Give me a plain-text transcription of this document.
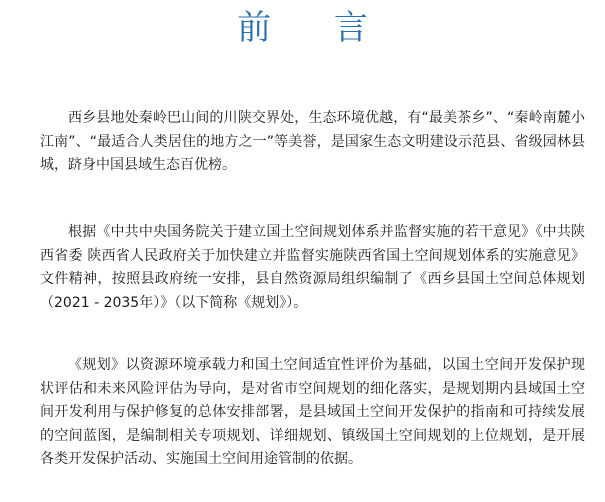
前 言

西乡县地处秦岭巴山间的川陕交界处，生态环境优越，有“最美茶乡”、“秦岭南麓小江南”、“最适合人类居住的地方之一”等美誉，是国家生态文明建设示范县、省级园林县城，跻身中国县域生态百优榜。

根据《中共中央国务院关于建立国土空间规划体系并监督实施的若干意见》《中共陕西省委 陕西省人民政府关于加快建立并监督实施陕西省国土空间规划体系的实施意见》文件精神，按照县政府统一安排，县自然资源局组织编制了《西乡县国土空间总体规划（2021 - 2035年）》（以下简称《规划》）。

《规划》以资源环境承载力和国土空间适宜性评价为基础，以国土空间开发保护现状评估和未来风险评估为导向，是对省市空间规划的细化落实，是规划期内县域国土空间开发利用与保护修复的总体安排部署，是县域国土空间开发保护的指南和可持续发展的空间蓝图，是编制相关专项规划、详细规划、镇级国土空间规划的上位规划，是开展各类开发保护活动、实施国土空间用途管制的依据。
